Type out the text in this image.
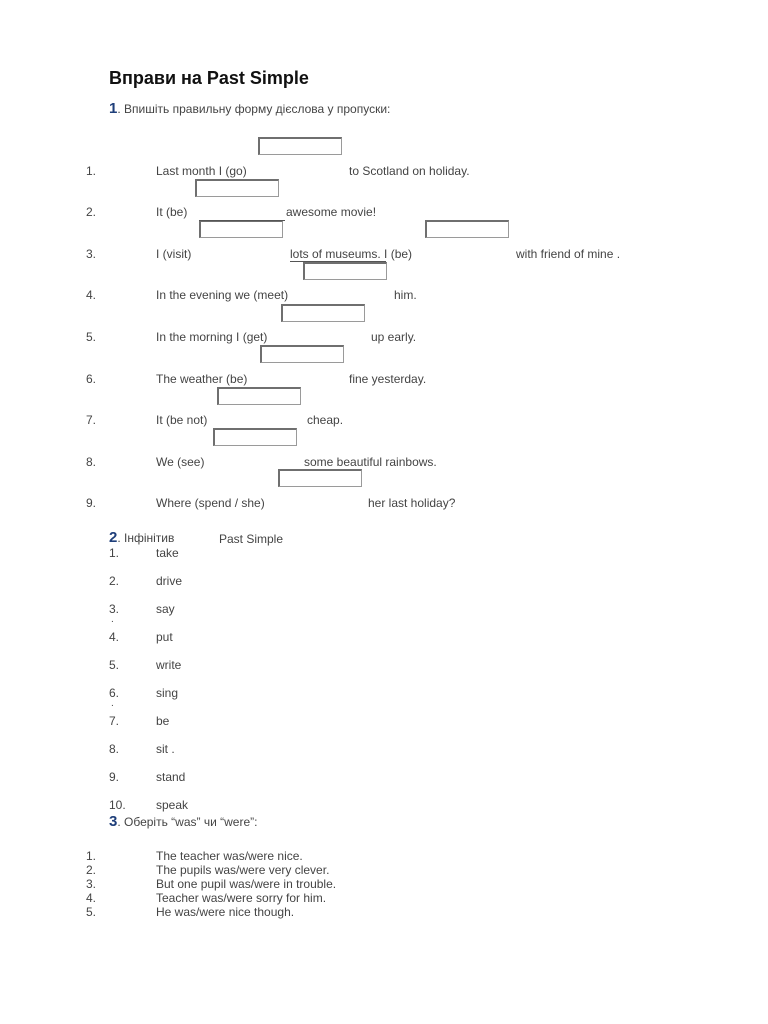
Вправи на Past Simple
1. Впишіть правильну форму дієслова у пропуски:
1.	Last month I (go)	to Scotland on holiday.
2.	It (be)	awesome movie!
3.	I (visit)	lots of museums. I (be)	with friend of mine .
4.	In the evening we (meet)	him.
5.	In the morning I (get)	up early.
6.	The weather (be)	fine yesterday.
7.	It (be not)	cheap.
8.	We (see)	some beautiful rainbows.
9.	Where (spend / she)	her last holiday?
2. Інфінітив	Past Simple
1.	take
2.	drive
3.	say
.
4.	put
5.	write
6.	sing
.
7.	be
8.	sit .
9.	stand
10.	speak
3. Оберіть “was” чи “were”:
1.	The teacher was/were nice.
2.	The pupils was/were very clever.
3.	But one pupil was/were in trouble.
4.	Teacher was/were sorry for him.
5.	He was/were nice though.
